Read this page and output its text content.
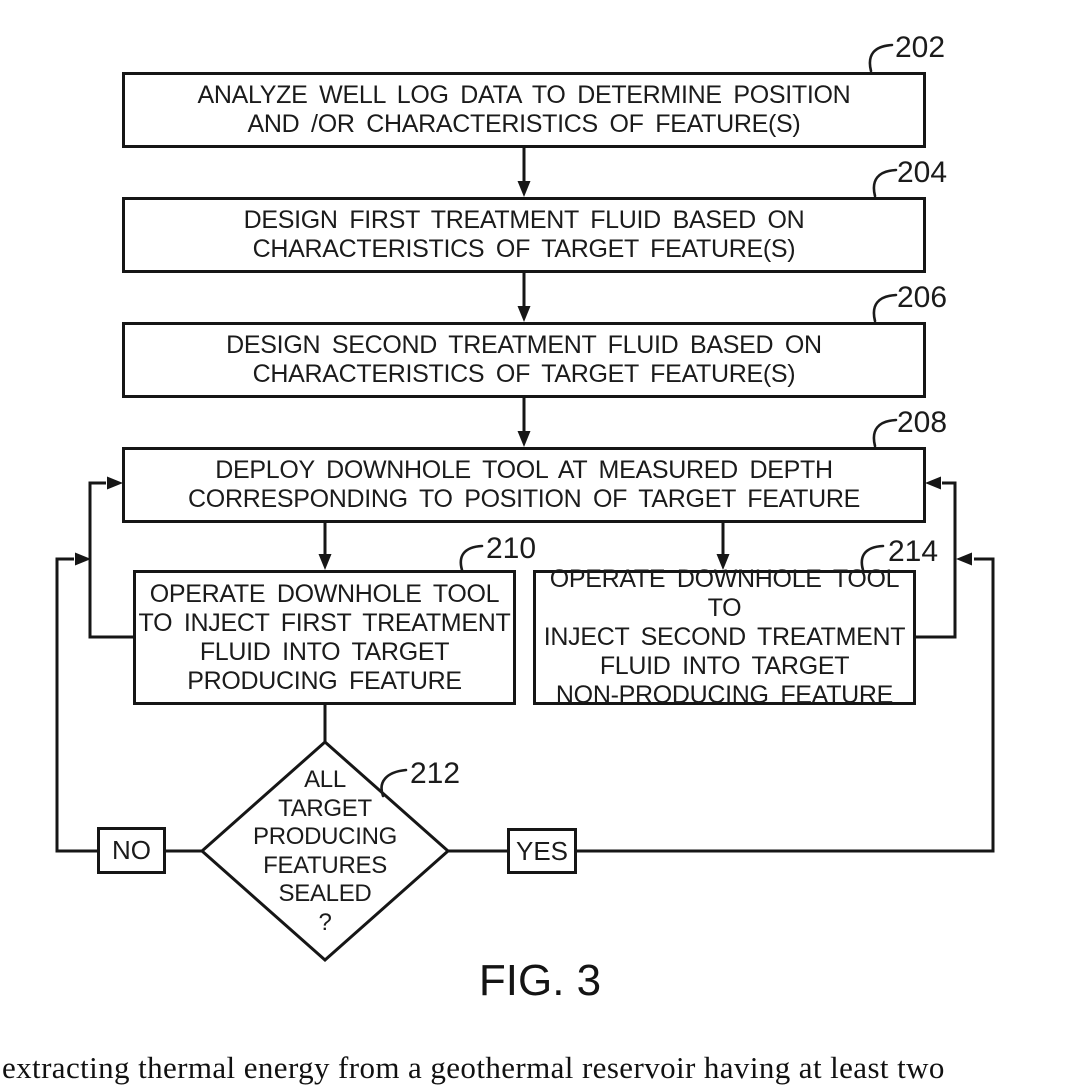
202
204
206
208
210	214
212
ANALYZE WELL LOG DATA TO DETERMINE POSITION
AND /OR CHARACTERISTICS OF FEATURE(S)
DESIGN FIRST TREATMENT FLUID BASED ON
CHARACTERISTICS OF TARGET FEATURE(S)
DESIGN SECOND TREATMENT FLUID BASED ON
CHARACTERISTICS OF TARGET FEATURE(S)
DEPLOY DOWNHOLE TOOL AT MEASURED DEPTH
CORRESPONDING TO POSITION OF TARGET FEATURE
OPERATE DOWNHOLE TOOL
TO INJECT FIRST TREATMENT
FLUID INTO TARGET
PRODUCING FEATURE
OPERATE DOWNHOLE TOOL TO
INJECT SECOND TREATMENT
FLUID INTO TARGET
NON-PRODUCING FEATURE
ALL
TARGET
PRODUCING
FEATURES
SEALED
?
NO	YES
FIG. 3
extracting thermal energy from a geothermal reservoir having at least two
